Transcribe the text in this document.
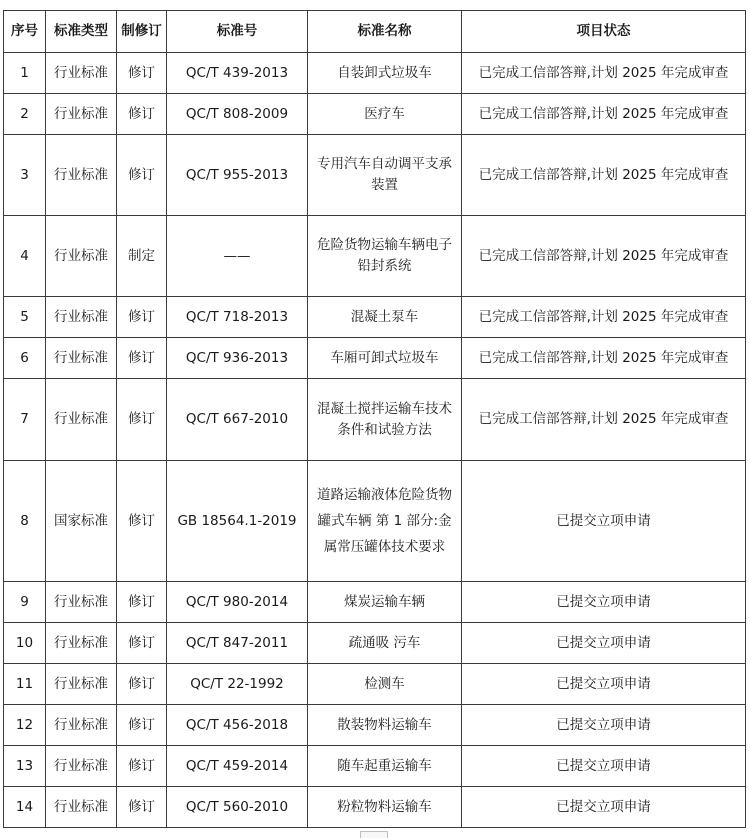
序号	标准类型	制修订	标准号	标准名称	项目状态
1	行业标准	修订	QC/T 439-2013	自装卸式垃圾车	已完成工信部答辩,计划 2025 年完成审查
2	行业标准	修订	QC/T 808-2009	医疗车	已完成工信部答辩,计划 2025 年完成审查
3	行业标准	修订	QC/T 955-2013	专用汽车自动调平支承装置	已完成工信部答辩,计划 2025 年完成审查
4	行业标准	制定	——	危险货物运输车辆电子铅封系统	已完成工信部答辩,计划 2025 年完成审查
5	行业标准	修订	QC/T 718-2013	混凝土泵车	已完成工信部答辩,计划 2025 年完成审查
6	行业标准	修订	QC/T 936-2013	车厢可卸式垃圾车	已完成工信部答辩,计划 2025 年完成审查
7	行业标准	修订	QC/T 667-2010	混凝土搅拌运输车技术条件和试验方法	已完成工信部答辩,计划 2025 年完成审查
8	国家标准	修订	GB 18564.1-2019	道路运输液体危险货物罐式车辆 第 1 部分:金属常压罐体技术要求	已提交立项申请
9	行业标准	修订	QC/T 980-2014	煤炭运输车辆	已提交立项申请
10	行业标准	修订	QC/T 847-2011	疏通吸 污车	已提交立项申请
11	行业标准	修订	QC/T 22-1992	检测车	已提交立项申请
12	行业标准	修订	QC/T 456-2018	散装物料运输车	已提交立项申请
13	行业标准	修订	QC/T 459-2014	随车起重运输车	已提交立项申请
14	行业标准	修订	QC/T 560-2010	粉粒物料运输车	已提交立项申请
